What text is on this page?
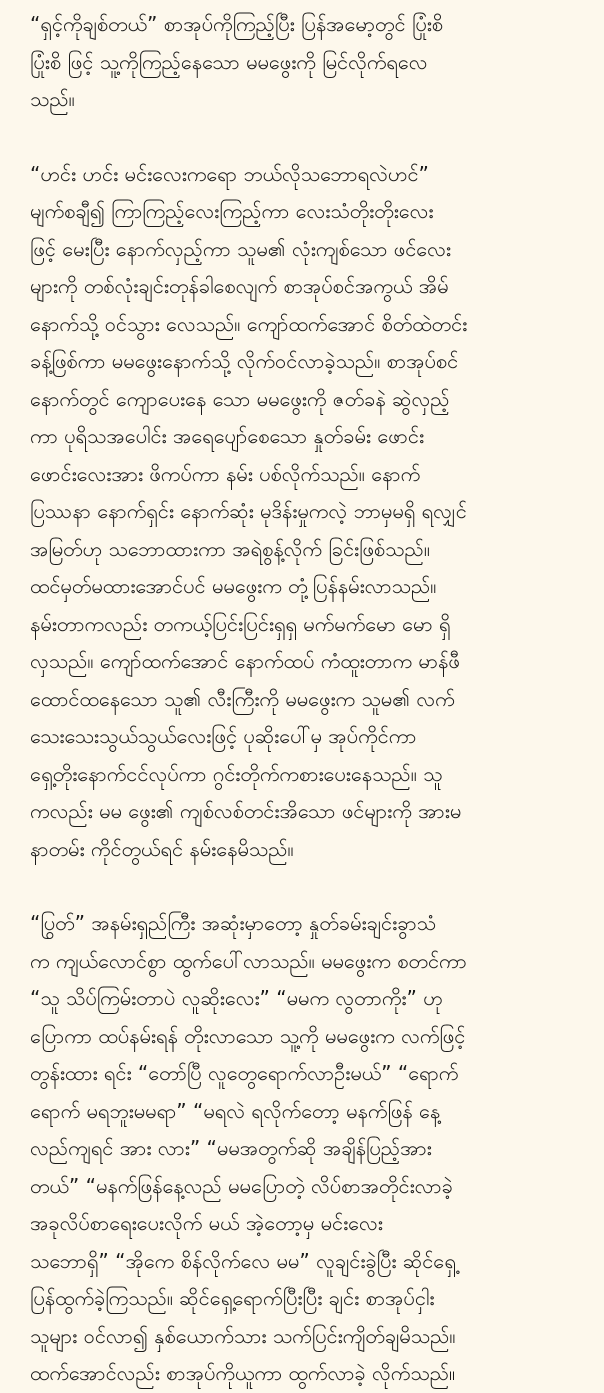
“ရှင့်ကိုချစ်တယ်” စာအုပ်ကိုကြည့်ပြီး ပြန်အမော့တွင် ပြုံးစိ
ပြုံးစိ ဖြင့် သူ့ကိုကြည့်နေသော မမဖွေးကို မြင်လိုက်ရလေ
သည်။
“ဟင်း ဟင်း မင်းလေးကရော ဘယ်လိုသဘောရလဲဟင်”
မျက်စချီ၍ ကြာကြည့်လေးကြည့်ကာ လေးသံတိုးတိုးလေး
ဖြင့် မေးပြီး နောက်လှည့်ကာ သူမ၏ လုံးကျစ်သော ဖင်လေး
များကို တစ်လုံးချင်းတုန်ခါစေလျက် စာအုပ်စင်အကွယ် အိမ်
နောက်သို့ ဝင်သွား လေသည်။ ကျော်ထက်အောင် စိတ်ထဲတင်း
ခန့်ဖြစ်ကာ မမဖွေးနောက်သို့ လိုက်ဝင်လာခဲ့သည်။ စာအုပ်စင်
နောက်တွင် ကျောပေးနေ သော မမဖွေးကို ဇတ်ခနဲ ဆွဲလှည့်
ကာ ပုရိသအပေါင်း အရေပျော်စေသော နှုတ်ခမ်း ဖောင်း
ဖောင်းလေးအား ဖိကပ်ကာ နမ်း ပစ်လိုက်သည်။ နောက်
ပြဿနာ နောက်ရှင်း နောက်ဆုံး မုဒိန်းမှုကလဲ့ ဘာမှမရှိ ရလျှင်
အမြတ်ဟု သဘောထားကာ အရဲစွန့်လိုက် ခြင်းဖြစ်သည်။
ထင်မှတ်မထားအောင်ပင် မမဖွေးက တုံ့ပြန်နမ်းလာသည်။
နမ်းတာကလည်း တကယ့်ပြင်းပြင်းရှရှ မက်မက်မော မော ရှိ
လှသည်။ ကျော်ထက်အောင် နောက်ထပ် ကံထူးတာက မာန်ဖီ
ထောင်ထနေသော သူ၏ လီးကြီးကို မမဖွေးက သူမ၏ လက်
သေးသေးသွယ်သွယ်လေးဖြင့် ပုဆိုးပေါ်မှ အုပ်ကိုင်ကာ
ရှေ့တိုးနောက်ငင်လုပ်ကာ ဂွင်းတိုက်ကစားပေးနေသည်။ သူ
ကလည်း မမ ဖွေး၏ ကျစ်လစ်တင်းအိသော ဖင်များကို အားမ
နာတမ်း ကိုင်တွယ်ရင် နမ်းနေမိသည်။
“ပြွတ်” အနမ်းရှည်ကြီး အဆုံးမှာတော့ နှုတ်ခမ်းချင်းခွာသံ
က ကျယ်လောင်စွာ ထွက်ပေါ်လာသည်။ မမဖွေးက စတင်ကာ
“သူ သိပ်ကြမ်းတာပဲ လူဆိုးလေး” “မမက လွတာကိုး” ဟု
ပြောကာ ထပ်နမ်းရန် တိုးလာသော သူ့ကို မမဖွေးက လက်ဖြင့်
တွန်းထား ရင်း “တော်ပြီ လူတွေရောက်လာဦးမယ်” “ရောက်
ရောက် မရဘူးမမရာ” “မရလဲ ရလိုက်တော့ မနက်ဖြန် နေ့
လည်ကျရင် အား လား” “မမအတွက်ဆို အချိန်ပြည့်အား
တယ်” “မနက်ဖြန်နေ့လည် မမပြောတဲ့ လိပ်စာအတိုင်းလာခဲ့
အခုလိပ်စာရေးပေးလိုက် မယ် အဲ့တော့မှ မင်းလေး
သဘောရှိ” “အိုကေ စိန်လိုက်လေ မမ” လူချင်းခွဲပြီး ဆိုင်ရှေ့
ပြန်ထွက်ခဲ့ကြသည်။ ဆိုင်ရှေ့ရောက်ပြီးပြီး ချင်း စာအုပ်ငှါး
သူများ ဝင်လာ၍ နှစ်ယောက်သား သက်ပြင်းကျိတ်ချမိသည်။
ထက်အောင်လည်း စာအုပ်ကိုယူကာ ထွက်လာခဲ့ လိုက်သည်။
